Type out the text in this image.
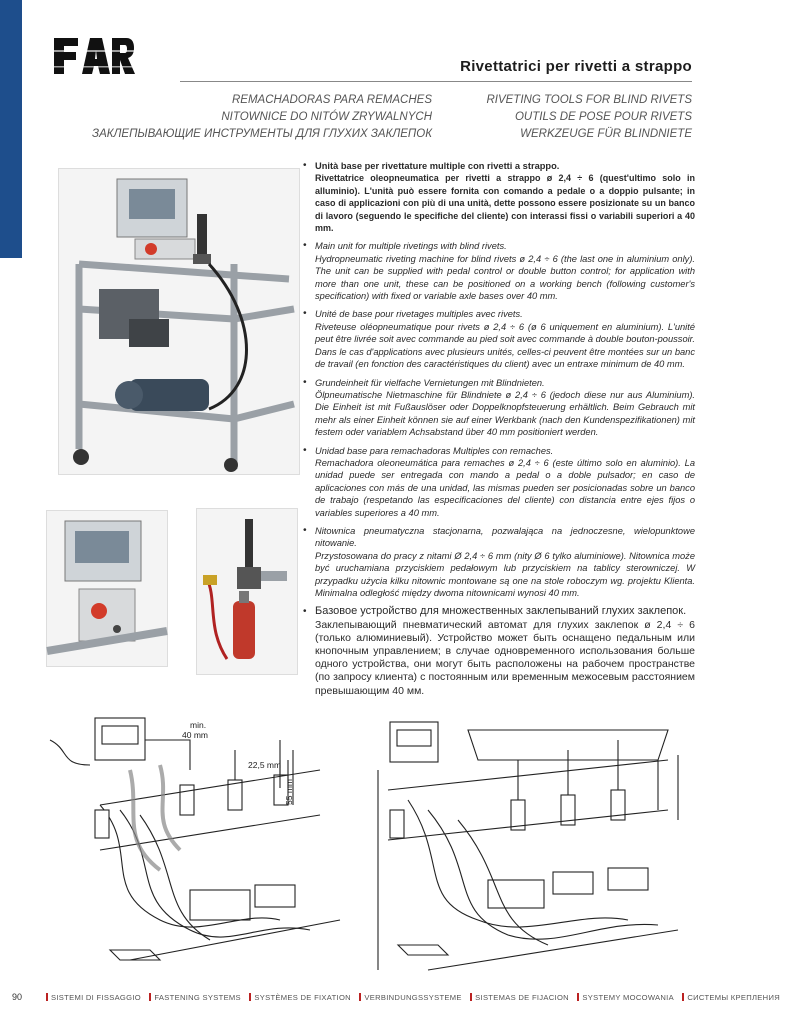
Rivettatrici per rivetti a strappo
REMACHADORAS PARA REMACHES
NITOWNICE DO NITÓW ZRYWALNYCH
ЗАКЛЕПЫВАЮЩИЕ ИНСТРУМЕНТЫ ДЛЯ ГЛУХИХ ЗАКЛЕПОК
RIVETING TOOLS FOR BLIND RIVETS
OUTILS DE POSE POUR RIVETS
WERKZEUGE FÜR BLINDNIETE
• Unità base per rivettature multiple con rivetti a strappo.
Rivettatrice oleopneumatica per rivetti a strappo ø 2,4 ÷ 6 (quest'ultimo solo in alluminio). L'unità può essere fornita con comando a pedale o a doppio pulsante; in caso di applicazioni con più di una unità, dette possono essere posizionate su un banco di lavoro (seguendo le specifiche del cliente) con interassi fissi o variabili superiori a 40 mm.
• Main unit for multiple rivetings with blind rivets.
Hydropneumatic riveting machine for blind rivets ø 2,4 ÷ 6 (the last one in aluminium only). The unit can be supplied with pedal control or double button control; for application with more than one unit, these can be positioned on a working bench (following customer's specification) with fixed or variable axle bases over 40 mm.
• Unité de base pour rivetages multiples avec rivets.
Riveteuse oléopneumatique pour rivets ø 2,4 ÷ 6 (ø 6 uniquement en aluminium). L'unité peut être livrée soit avec commande au pied soit avec commande à double bouton-poussoir. Dans le cas d'applications avec plusieurs unités, celles-ci peuvent être montées sur un banc de travail (en fonction des caractéristiques du client) avec un entraxe minimum de 40 mm.
• Grundeinheit für vielfache Vernietungen mit Blindnieten.
Ölpneumatische Nietmaschine für Blindniete ø 2,4 ÷ 6 (jedoch diese nur aus Aluminium). Die Einheit ist mit Fußauslöser oder Doppelknopfsteuerung erhältlich. Beim Gebrauch mit mehr als einer Einheit können sie auf einer Werkbank (nach den Kundenspezifikationen) mit festem oder variablem Achsabstand über 40 mm positioniert werden.
• Unidad base para remachadoras Multiples con remaches.
Remachadora oleoneumática para remaches ø 2,4 ÷ 6 (este último solo en aluminio). La unidad puede ser entregada con mando a pedal o a doble pulsador; en caso de aplicaciones con más de una unidad, las mismas pueden ser posicionadas sobre un banco de trabajo (respetando las especificaciones del cliente) con distancia entre ejes fijos o variables superiores a 40 mm.
• Nitownica pneumatyczna stacjonarna, pozwalająca na jednoczesne, wielopunktowe nitowanie.
Przystosowana do pracy z nitami Ø 2,4 ÷ 6 mm (nity Ø 6 tylko aluminiowe). Nitownica może być uruchamiana przyciskiem pedałowym lub przyciskiem na tablicy sterowniczej. W przypadku użycia kilku nitownic montowane są one na stole roboczym wg. projektu Klienta. Minimalna odległość między dwoma nitownicami wynosi 40 mm.
• Базовое устройство для множественных заклепываний глухих заклепок.
Заклепывающий пневматический автомат для глухих заклепок ø 2,4 ÷ 6 (только алюминиевый). Устройство может быть оснащено педальным или кнопочным управлением; в случае одновременного использования больше одного устройства, они могут быть расположены на рабочем пространстве (по запросу клиента) с постоянным или временным межосевым расстоянием превышающим 40 мм.
min.
40 mm
22,5 mm
55 mm
90	SISTEMI DI FISSAGGIO FASTENING SYSTEMS SYSTÈMES DE FIXATION VERBINDUNGSSYSTEME SISTEMAS DE FIJACION SYSTEMY MOCOWANIA СИСТЕМЫ КРЕПЛЕНИЯ
